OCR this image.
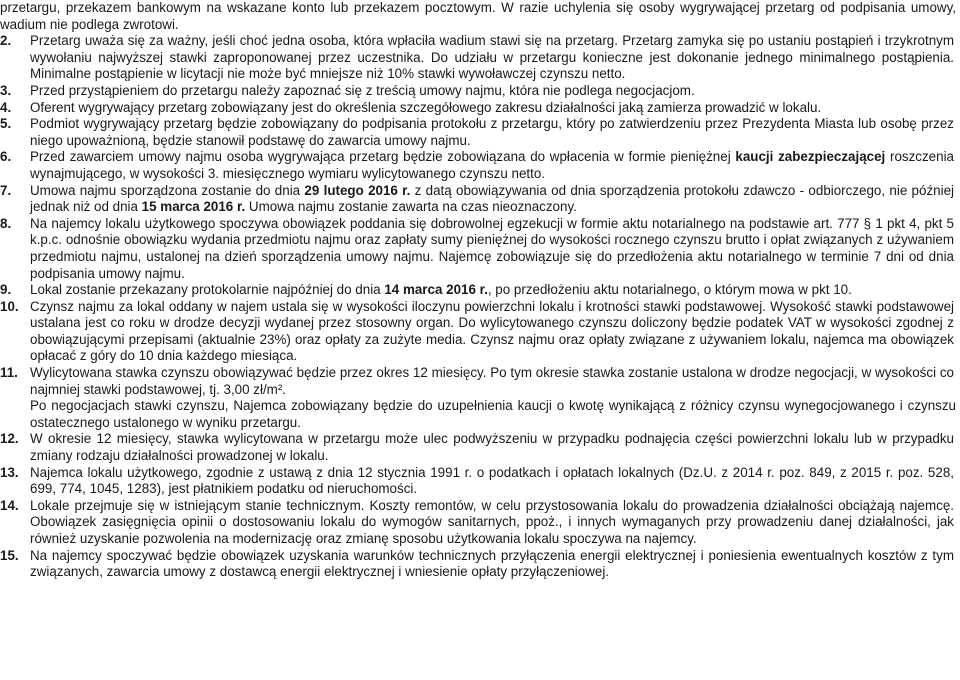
przetargu, przekazem bankowym na wskazane konto lub przekazem pocztowym. W razie uchylenia się osoby wygrywającej przetarg od podpisania umowy, wadium nie podlega zwrotowi.

2.	Przetarg uważa się za ważny, jeśli choć jedna osoba, która wpłaciła wadium stawi się na przetarg. Przetarg zamyka się po ustaniu postąpień i trzykrotnym wywołaniu najwyższej stawki zaproponowanej przez uczestnika. Do udziału w przetargu konieczne jest dokonanie jednego minimalnego postąpienia. Minimalne postąpienie w licytacji nie może być mniejsze niż 10% stawki wywoławczej czynszu netto.
3.	Przed przystąpieniem do przetargu należy zapoznać się z treścią umowy najmu, która nie podlega negocjacjom.
4.	Oferent wygrywający przetarg zobowiązany jest do określenia szczegółowego zakresu działalności jaką zamierza prowadzić w lokalu.
5.	Podmiot wygrywający przetarg będzie zobowiązany do podpisania protokołu z przetargu, który po zatwierdzeniu przez Prezydenta Miasta lub osobę przez niego upoważnioną, będzie stanowił podstawę do zawarcia umowy najmu.
6.	Przed zawarciem umowy najmu osoba wygrywająca przetarg będzie zobowiązana do wpłacenia w formie pieniężnej kaucji zabezpieczającej roszczenia wynajmującego, w wysokości 3. miesięcznego wymiaru wylicytowanego czynszu netto.
7.	Umowa najmu sporządzona zostanie do dnia 29 lutego 2016 r. z datą obowiązywania od dnia sporządzenia protokołu zdawczo - odbiorczego, nie później jednak niż od dnia 15 marca 2016 r. Umowa najmu zostanie zawarta na czas nieoznaczony.
8.	Na najemcy lokalu użytkowego spoczywa obowiązek poddania się dobrowolnej egzekucji w formie aktu notarialnego na podstawie art. 777 § 1 pkt 4, pkt 5 k.p.c. odnośnie obowiązku wydania przedmiotu najmu oraz zapłaty sumy pieniężnej do wysokości rocznego czynszu brutto i opłat związanych z używaniem przedmiotu najmu, ustalonej na dzień sporządzenia umowy najmu. Najemcę zobowiązuje się do przedłożenia aktu notarialnego w terminie 7 dni od dnia podpisania umowy najmu.
9.	Lokal zostanie przekazany protokolarnie najpóźniej do dnia 14 marca 2016 r., po przedłożeniu aktu notarialnego, o którym mowa w pkt 10.
10. Czynsz najmu za lokal oddany w najem ustala się w wysokości iloczynu powierzchni lokalu i krotności stawki podstawowej. Wysokość stawki podstawowej ustalana jest co roku w drodze decyzji wydanej przez stosowny organ. Do wylicytowanego czynszu doliczony będzie podatek VAT w wysokości zgodnej z obowiązującymi przepisami (aktualnie 23%) oraz opłaty za zużyte media. Czynsz najmu oraz opłaty związane z używaniem lokalu, najemca ma obowiązek opłacać z góry do 10 dnia każdego miesiąca.
11. Wylicytowana stawka czynszu obowiązywać będzie przez okres 12 miesięcy. Po tym okresie stawka zostanie ustalona w drodze negocjacji, w wysokości co najmniej stawki podstawowej, tj. 3,00 zł/m².

Po negocjacjach stawki czynszu, Najemca zobowiązany będzie do uzupełnienia kaucji o kwotę wynikającą z różnicy czynsu wynegocjowanego i czynszu ostatecznego ustalonego w wyniku przetargu.

12. W okresie 12 miesięcy, stawka wylicytowana w przetargu może ulec podwyższeniu w przypadku podnajęcia części powierzchni lokalu lub w przypadku zmiany rodzaju działalności prowadzonej w lokalu.
13. Najemca lokalu użytkowego, zgodnie z ustawą z dnia 12 stycznia 1991 r. o podatkach i opłatach lokalnych (Dz.U. z 2014 r. poz. 849, z 2015 r. poz. 528, 699, 774, 1045, 1283), jest płatnikiem podatku od nieruchomości.
14. Lokale przejmuje się w istniejącym stanie technicznym. Koszty remontów, w celu przystosowania lokalu do prowadzenia działalności obciążają najemcę. Obowiązek zasięgnięcia opinii o dostosowaniu lokalu do wymogów sanitarnych, ppoż., i innych wymaganych przy prowadzeniu danej działalności, jak również uzyskanie pozwolenia na modernizację oraz zmianę sposobu użytkowania lokalu spoczywa na najemcy.
15. Na najemcy spoczywać będzie obowiązek uzyskania warunków technicznych przyłączenia energii elektrycznej i poniesienia ewentualnych kosztów z tym związanych, zawarcia umowy z dostawcą energii elektrycznej i wniesienie opłaty przyłączeniowej.
